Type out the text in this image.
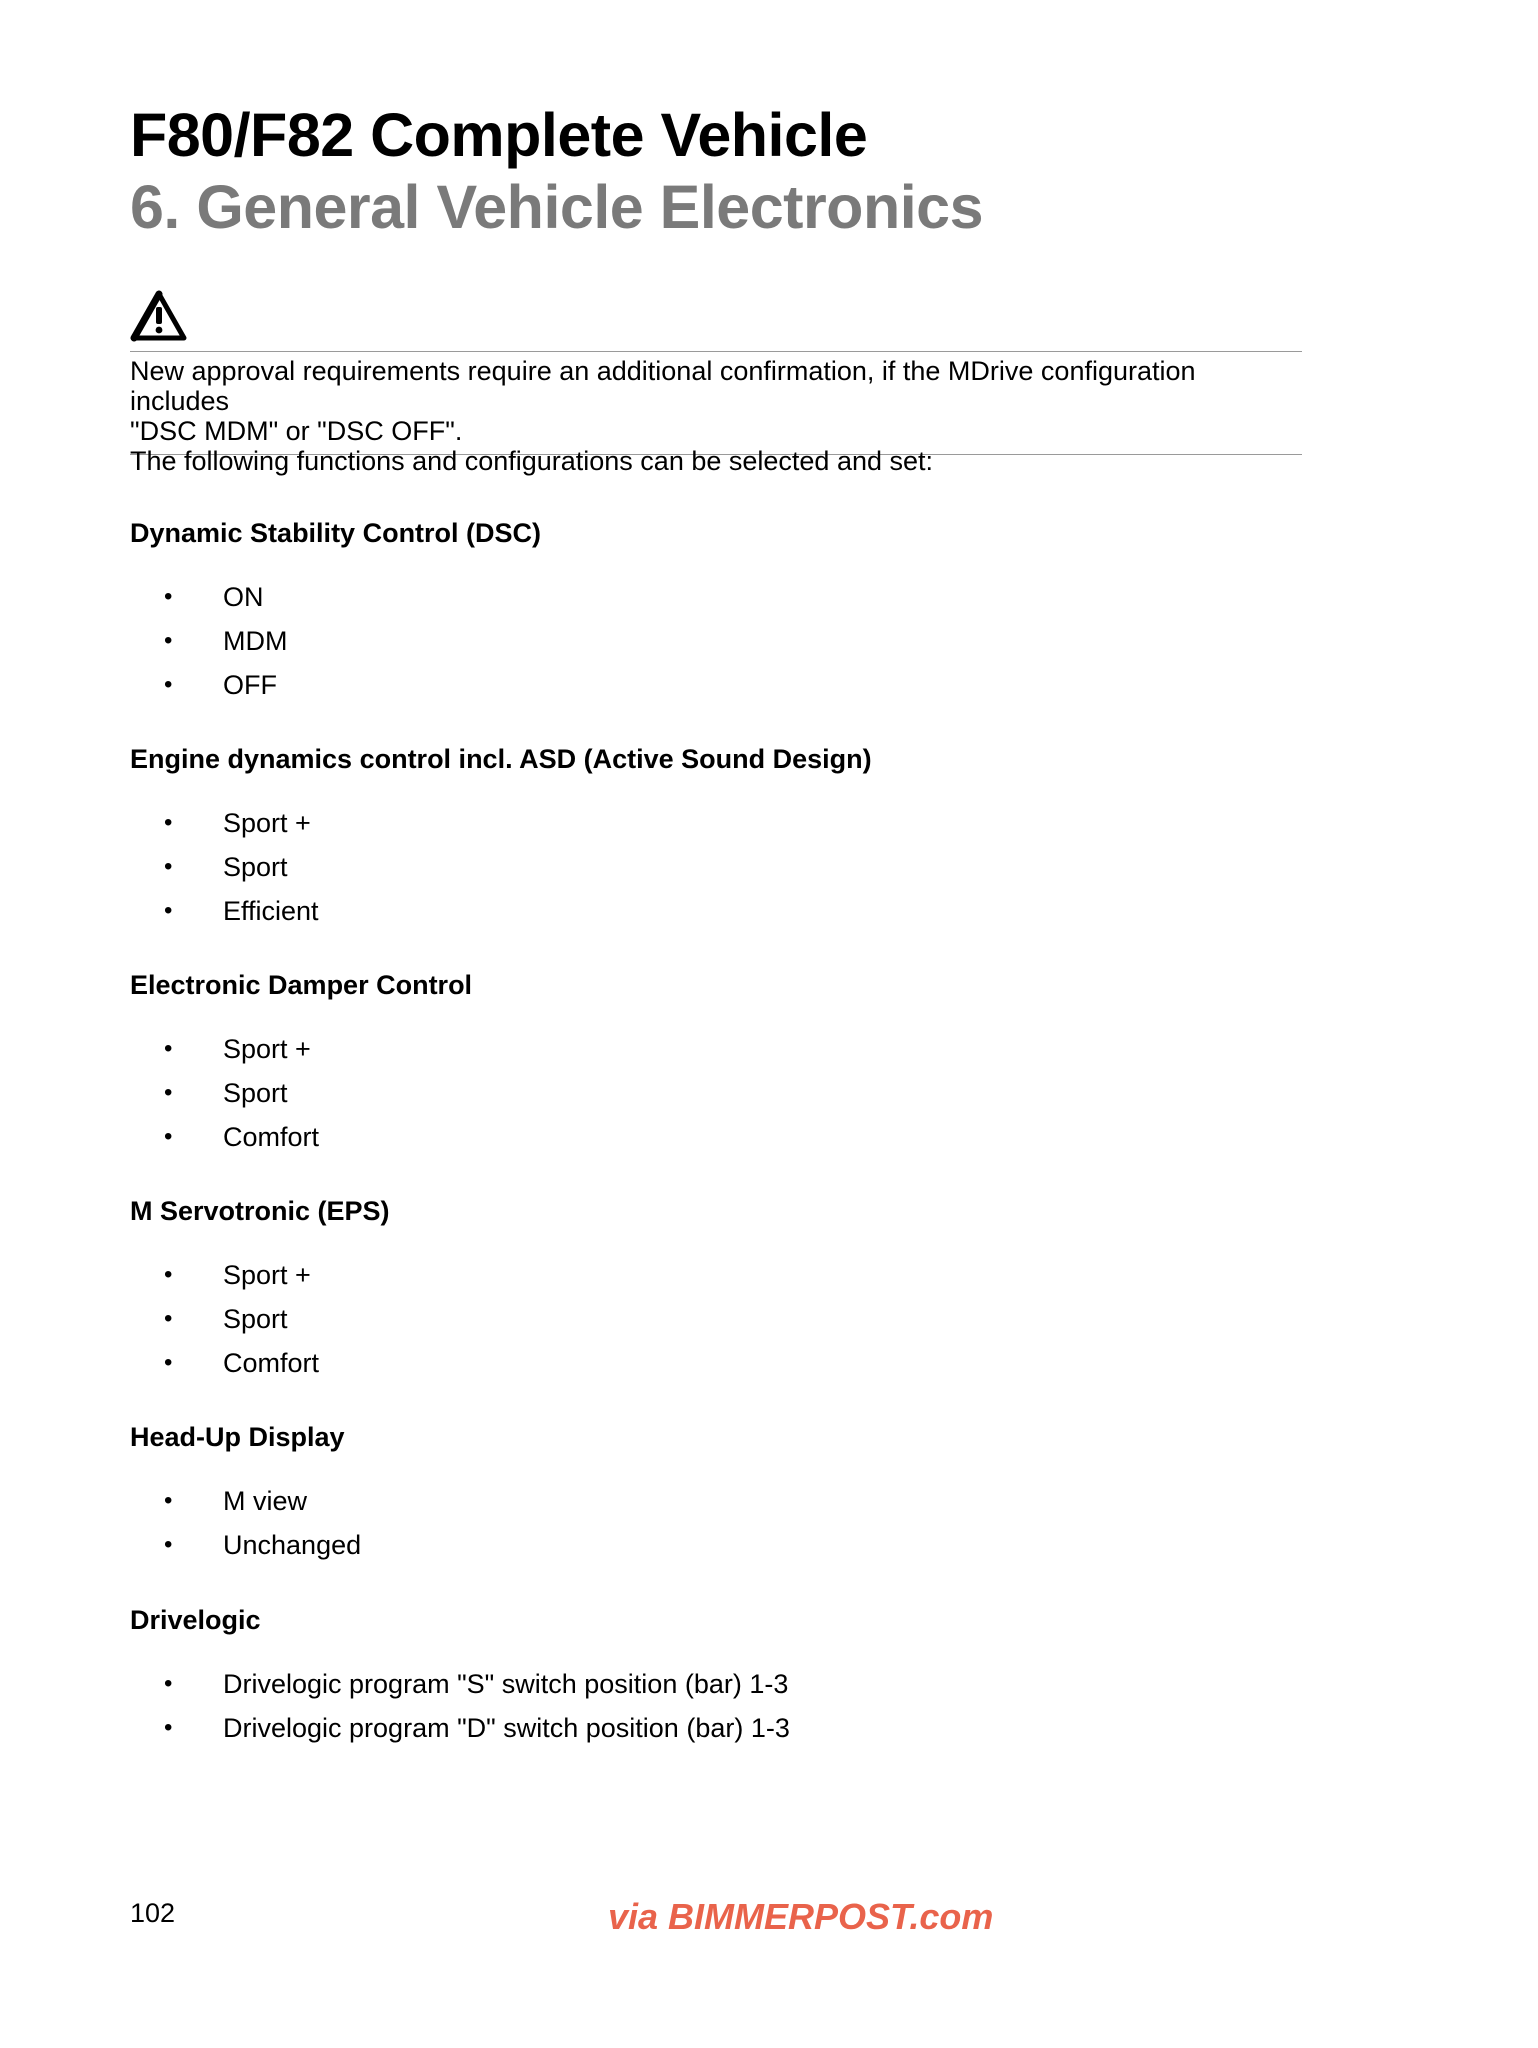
F80/F82 Complete Vehicle
6. General Vehicle Electronics
New approval requirements require an additional confirmation, if the MDrive configuration includes
"DSC MDM" or "DSC OFF".
The following functions and configurations can be selected and set:
Dynamic Stability Control (DSC)
• ON
• MDM
• OFF
Engine dynamics control incl. ASD (Active Sound Design)
• Sport +
• Sport
• Efficient
Electronic Damper Control
• Sport +
• Sport
• Comfort
M Servotronic (EPS)
• Sport +
• Sport
• Comfort
Head-Up Display
• M view
• Unchanged
Drivelogic
• Drivelogic program "S" switch position (bar) 1-3
• Drivelogic program "D" switch position (bar) 1-3
102	via BIMMERPOST.com
